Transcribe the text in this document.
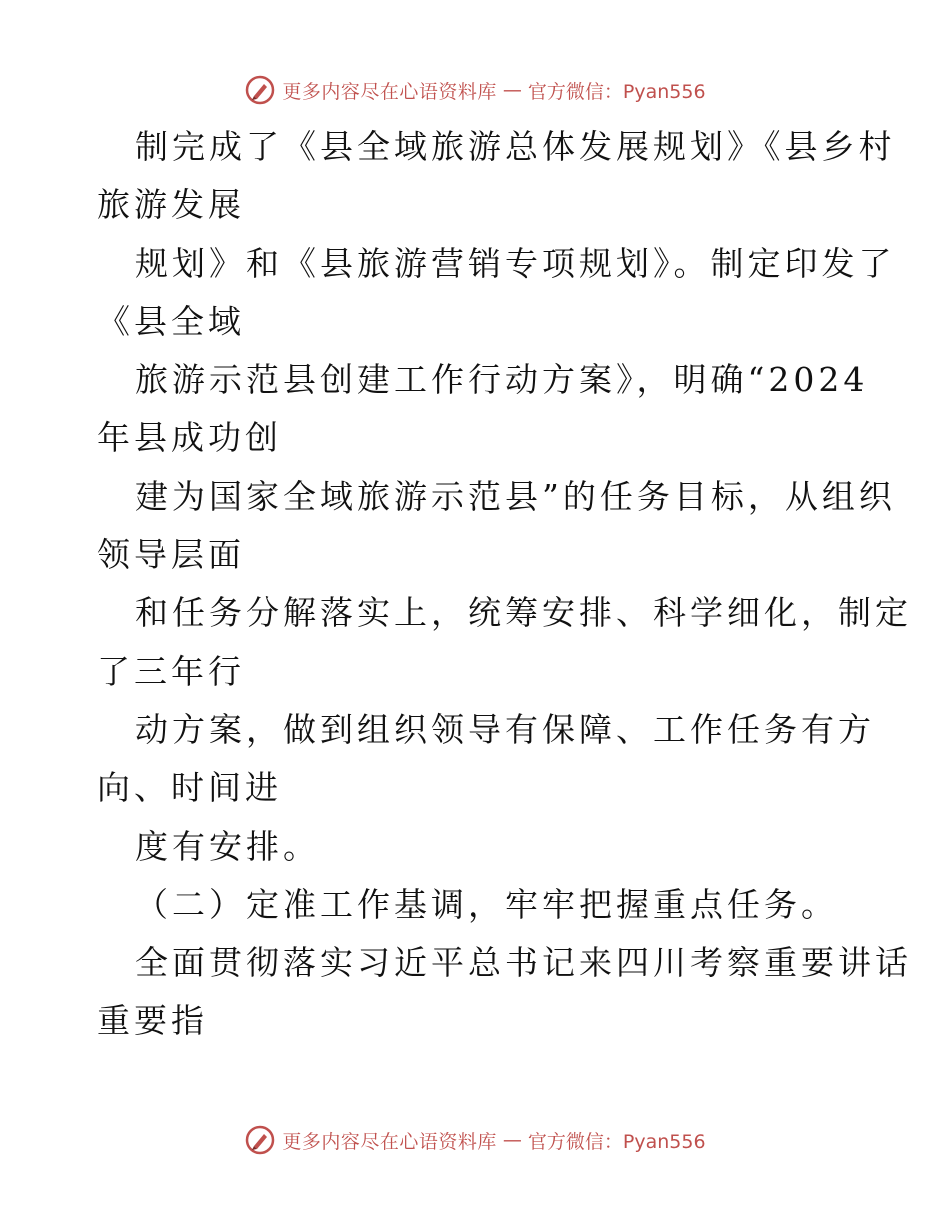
更多内容尽在心语资料库 — 官方微信：Pyan556
制完成了《县全域旅游总体发展规划》《县乡村
旅游发展
规划》和《县旅游营销专项规划》。制定印发了
《县全域
旅游示范县创建工作行动方案》，明确“2024
年县成功创
建为国家全域旅游示范县”的任务目标，从组织
领导层面
和任务分解落实上，统筹安排、科学细化，制定
了三年行
动方案，做到组织领导有保障、工作任务有方
向、时间进
度有安排。
（二）定准工作基调，牢牢把握重点任务。
全面贯彻落实习近平总书记来四川考察重要讲话
重要指
更多内容尽在心语资料库 — 官方微信：Pyan556
